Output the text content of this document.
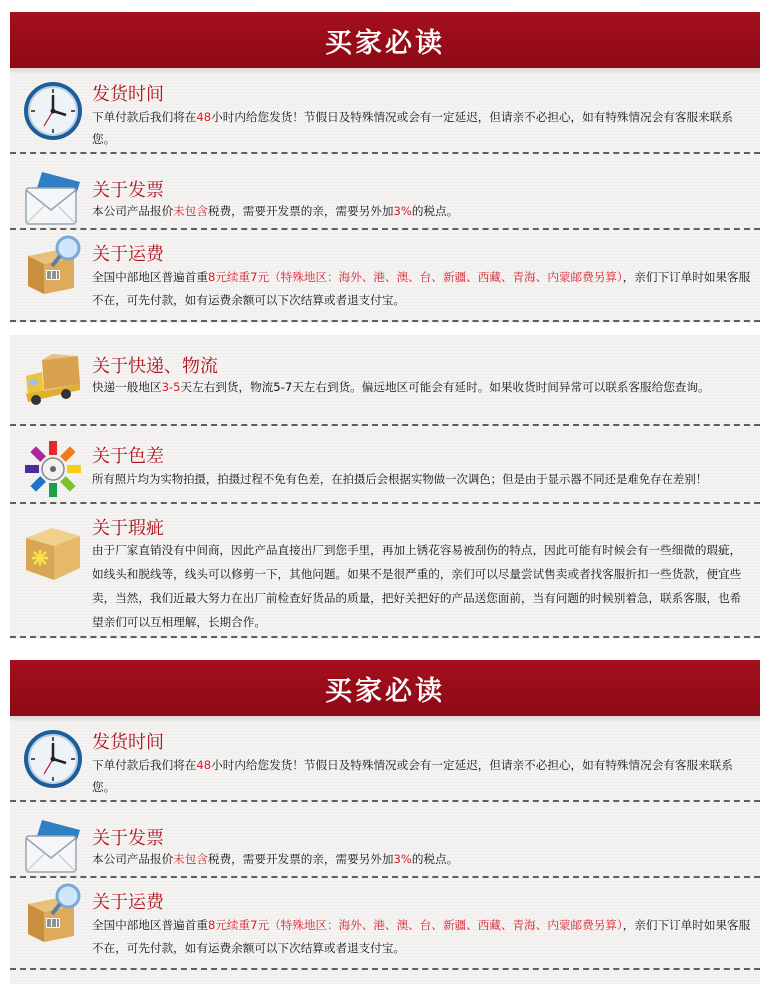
买家必读
发货时间
下单付款后我们将在48小时内给您发货！节假日及特殊情况或会有一定延迟，但请亲不必担心，如有特殊情况会有客服来联系您。
关于发票
本公司产品报价未包含税费，需要开发票的亲，需要另外加3%的税点。
关于运费
全国中部地区普遍首重8元续重7元（特殊地区：海外、港、澳、台、新疆、西藏、青海、内蒙邮费另算），亲们下订单时如果客服不在，可先付款，如有运费余额可以下次结算或者退支付宝。
关于快递、物流
快递一般地区3-5天左右到货，物流5-7天左右到货。偏远地区可能会有延时。如果收货时间异常可以联系客服给您查询。
关于色差
所有照片均为实物拍摄，拍摄过程不免有色差，在拍摄后会根据实物做一次调色；但是由于显示器不同还是难免存在差别！
关于瑕疵
由于厂家直销没有中间商，因此产品直接出厂到您手里，再加上锈花容易被刮伤的特点，因此可能有时候会有一些细微的瑕疵，如线头和脱线等，线头可以修剪一下，其他问题。如果不是很严重的，亲们可以尽量尝试售卖或者找客服折扣一些货款，便宜些卖，当然，我们近最大努力在出厂前检查好货品的质量，把好关把好的产品送您面前，当有问题的时候别着急，联系客服，也希望亲们可以互相理解，长期合作。
买家必读
发货时间
下单付款后我们将在48小时内给您发货！节假日及特殊情况或会有一定延迟，但请亲不必担心，如有特殊情况会有客服来联系您。
关于发票
本公司产品报价未包含税费，需要开发票的亲，需要另外加3%的税点。
关于运费
全国中部地区普遍首重8元续重7元（特殊地区：海外、港、澳、台、新疆、西藏、青海、内蒙邮费另算），亲们下订单时如果客服不在，可先付款，如有运费余额可以下次结算或者退支付宝。
